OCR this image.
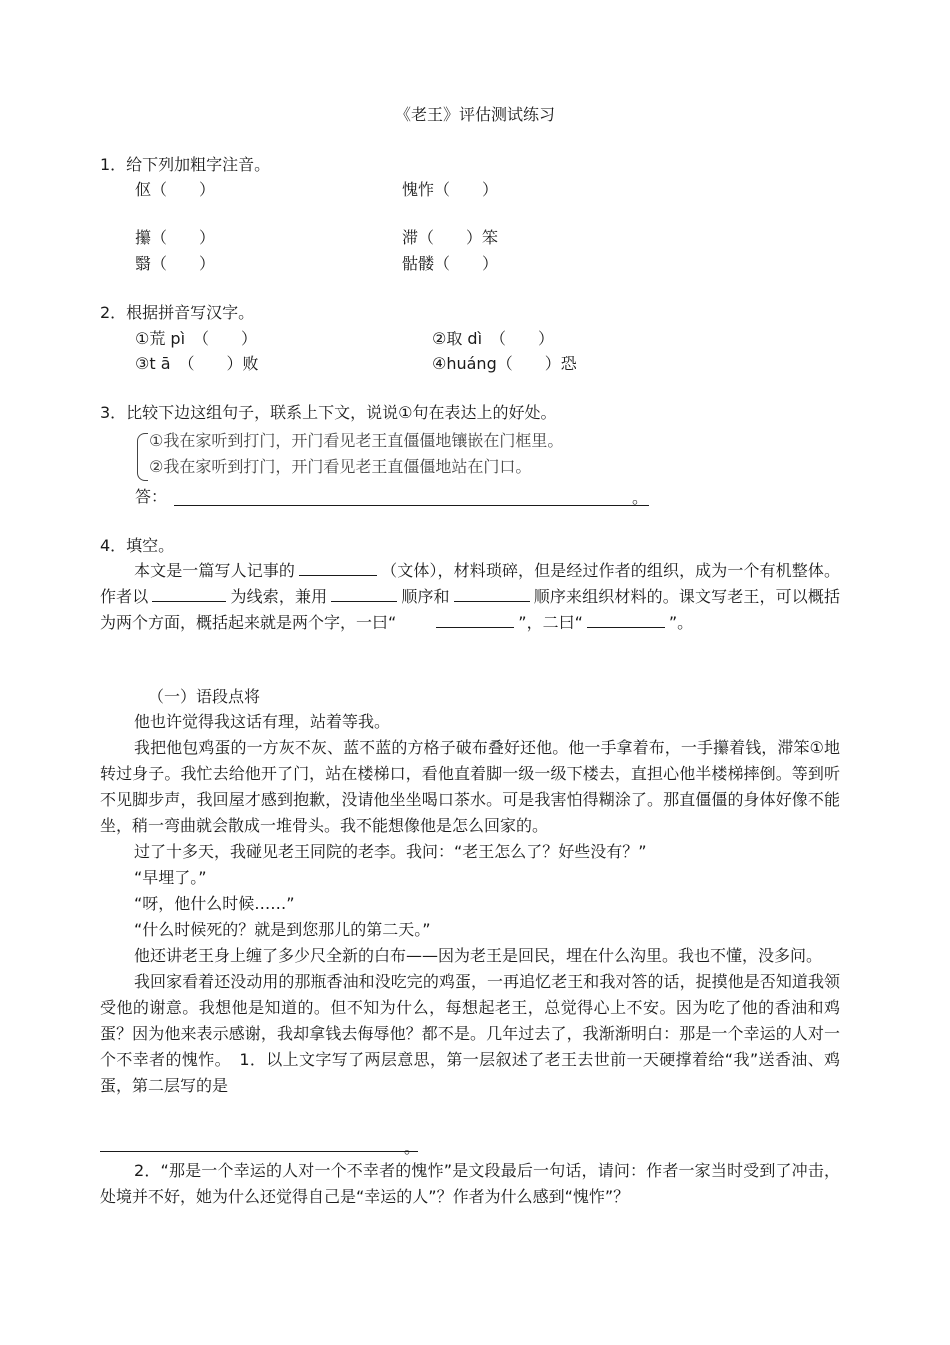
《老王》评估测试练习
1．给下列加粗字注音。
伛（　　）	愧怍（　　）
攥（　　）	滞（　　）笨
翳（　　）	骷髅（　　）
2．根据拼音写汉字。
①荒 pì　（　　）	②取 dì　（　　）
③t ā　（　　）败	④huáng（　　）恐
3．比较下边这组句子，联系上下文，说说①句在表达上的好处。
①我在家听到打门，开门看见老王直僵僵地镶嵌在门框里。
②我在家听到打门，开门看见老王直僵僵地站在门口。
答：	。
4．填空。
本文是一篇写人记事的	（文体），材料琐碎，但是经过作者的组织，成为一个有机整体。作者以	为线索，兼用	顺序和	顺序来组织材料的。课文写老王，可以概括为两个方面，概括起来就是两个字，一曰“	”，二曰“	”。
（一）语段点将
他也许觉得我这话有理，站着等我。
我把他包鸡蛋的一方灰不灰、蓝不蓝的方格子破布叠好还他。他一手拿着布，一手攥着钱，滞笨①地转过身子。我忙去给他开了门，站在楼梯口，看他直着脚一级一级下楼去，直担心他半楼梯摔倒。等到听不见脚步声，我回屋才感到抱歉，没请他坐坐喝口茶水。可是我害怕得糊涂了。那直僵僵的身体好像不能坐，稍一弯曲就会散成一堆骨头。我不能想像他是怎么回家的。
过了十多天，我碰见老王同院的老李。我问：“老王怎么了？好些没有？”
“早埋了。”
“呀，他什么时候……”
“什么时候死的？就是到您那儿的第二天。”
他还讲老王身上缠了多少尺全新的白布——因为老王是回民，埋在什么沟里。我也不懂，没多问。
我回家看着还没动用的那瓶香油和没吃完的鸡蛋，一再追忆老王和我对答的话，捉摸他是否知道我领受他的谢意。我想他是知道的。但不知为什么，每想起老王，总觉得心上不安。因为吃了他的香油和鸡蛋？因为他来表示感谢，我却拿钱去侮辱他？都不是。几年过去了，我渐渐明白：那是一个幸运的人对一个不幸者的愧怍。　1．以上文字写了两层意思，第一层叙述了老王去世前一天硬撑着给“我”送香油、鸡蛋，第二层写的是
。
2．“那是一个幸运的人对一个不幸者的愧怍”是文段最后一句话，请问：作者一家当时受到了冲击，处境并不好，她为什么还觉得自己是“幸运的人”？作者为什么感到“愧怍”？
